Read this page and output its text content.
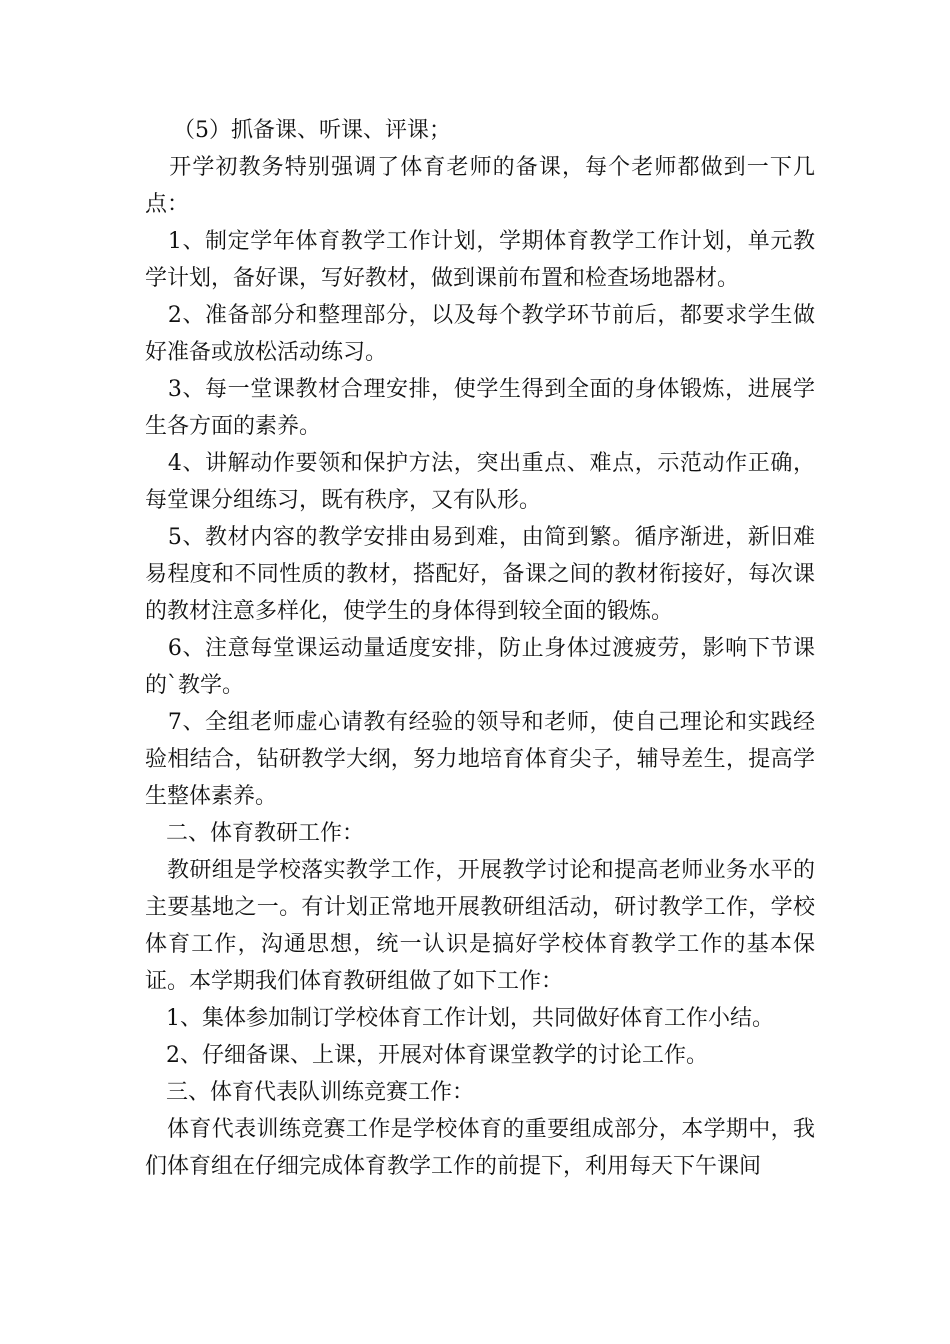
（5）抓备课、听课、评课；

开学初教务特别强调了体育老师的备课，每个老师都做到一下几点：

1、制定学年体育教学工作计划，学期体育教学工作计划，单元教学计划，备好课，写好教材，做到课前布置和检查场地器材。

2、准备部分和整理部分，以及每个教学环节前后，都要求学生做好准备或放松活动练习。

3、每一堂课教材合理安排，使学生得到全面的身体锻炼，进展学生各方面的素养。

4、讲解动作要领和保护方法，突出重点、难点，示范动作正确，每堂课分组练习，既有秩序，又有队形。

5、教材内容的教学安排由易到难，由简到繁。循序渐进，新旧难易程度和不同性质的教材，搭配好，备课之间的教材衔接好，每次课的教材注意多样化，使学生的身体得到较全面的锻炼。

6、注意每堂课运动量适度安排，防止身体过渡疲劳，影响下节课的`教学。

7、全组老师虚心请教有经验的领导和老师，使自己理论和实践经验相结合，钻研教学大纲，努力地培育体育尖子，辅导差生，提高学生整体素养。

二、体育教研工作：

教研组是学校落实教学工作，开展教学讨论和提高老师业务水平的主要基地之一。有计划正常地开展教研组活动，研讨教学工作，学校体育工作，沟通思想，统一认识是搞好学校体育教学工作的基本保证。本学期我们体育教研组做了如下工作：

1、集体参加制订学校体育工作计划，共同做好体育工作小结。

2、仔细备课、上课，开展对体育课堂教学的讨论工作。

三、体育代表队训练竞赛工作：

体育代表训练竞赛工作是学校体育的重要组成部分，本学期中，我们体育组在仔细完成体育教学工作的前提下，利用每天下午课间
